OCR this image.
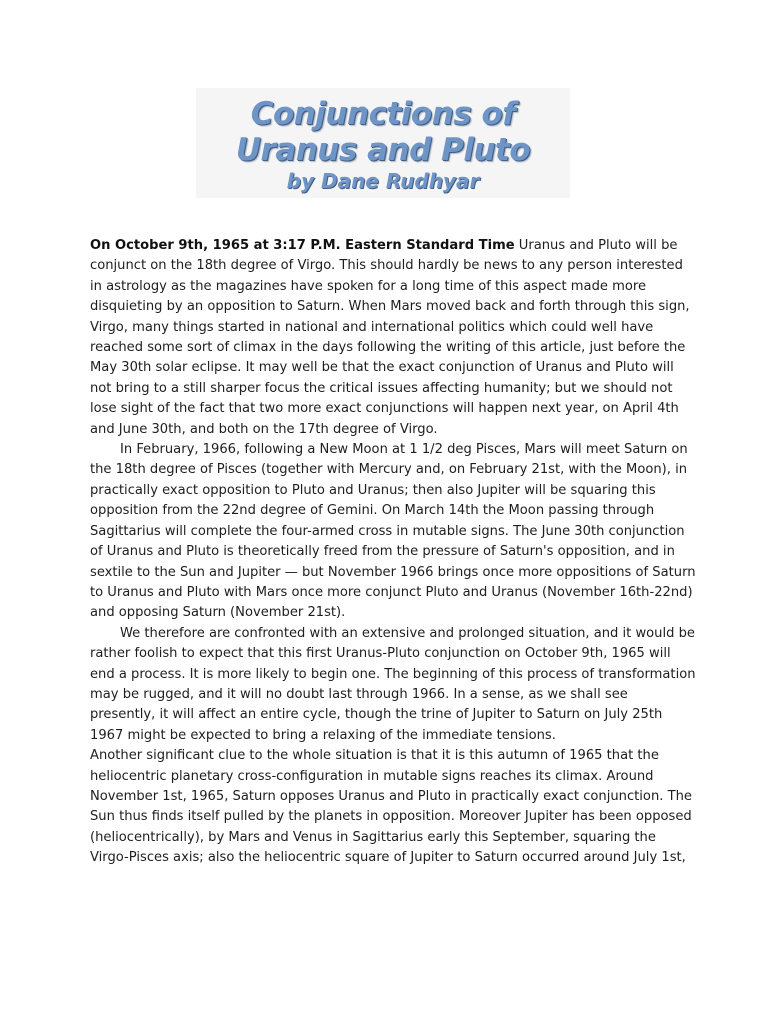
Conjunctions of
Uranus and Pluto
by Dane Rudhyar

On October 9th, 1965 at 3:17 P.M. Eastern Standard Time Uranus and Pluto will be
conjunct on the 18th degree of Virgo. This should hardly be news to any person interested
in astrology as the magazines have spoken for a long time of this aspect made more
disquieting by an opposition to Saturn. When Mars moved back and forth through this sign,
Virgo, many things started in national and international politics which could well have
reached some sort of climax in the days following the writing of this article, just before the
May 30th solar eclipse. It may well be that the exact conjunction of Uranus and Pluto will
not bring to a still sharper focus the critical issues affecting humanity; but we should not
lose sight of the fact that two more exact conjunctions will happen next year, on April 4th
and June 30th, and both on the 17th degree of Virgo.

In February, 1966, following a New Moon at 1 1/2 deg Pisces, Mars will meet Saturn on
the 18th degree of Pisces (together with Mercury and, on February 21st, with the Moon), in
practically exact opposition to Pluto and Uranus; then also Jupiter will be squaring this
opposition from the 22nd degree of Gemini. On March 14th the Moon passing through
Sagittarius will complete the four-armed cross in mutable signs. The June 30th conjunction
of Uranus and Pluto is theoretically freed from the pressure of Saturn's opposition, and in
sextile to the Sun and Jupiter — but November 1966 brings once more oppositions of Saturn
to Uranus and Pluto with Mars once more conjunct Pluto and Uranus (November 16th-22nd)
and opposing Saturn (November 21st).

We therefore are confronted with an extensive and prolonged situation, and it would be
rather foolish to expect that this first Uranus-Pluto conjunction on October 9th, 1965 will
end a process. It is more likely to begin one. The beginning of this process of transformation
may be rugged, and it will no doubt last through 1966. In a sense, as we shall see
presently, it will affect an entire cycle, though the trine of Jupiter to Saturn on July 25th
1967 might be expected to bring a relaxing of the immediate tensions.

Another significant clue to the whole situation is that it is this autumn of 1965 that the
heliocentric planetary cross-configuration in mutable signs reaches its climax. Around
November 1st, 1965, Saturn opposes Uranus and Pluto in practically exact conjunction. The
Sun thus finds itself pulled by the planets in opposition. Moreover Jupiter has been opposed
(heliocentrically), by Mars and Venus in Sagittarius early this September, squaring the
Virgo-Pisces axis; also the heliocentric square of Jupiter to Saturn occurred around July 1st,
